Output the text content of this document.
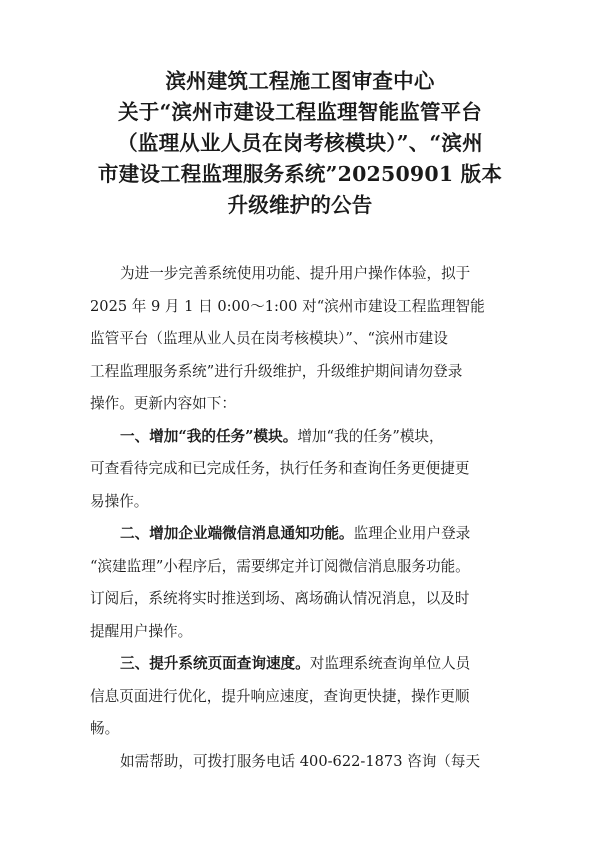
滨州建筑工程施工图审查中心
关于“滨州市建设工程监理智能监管平台
（监理从业人员在岗考核模块）”、“滨州
市建设工程监理服务系统”20250901 版本
升级维护的公告
为进一步完善系统使用功能、提升用户操作体验，拟于
2025 年 9 月 1 日 0:00～1:00 对“滨州市建设工程监理智能
监管平台（监理从业人员在岗考核模块）”、“滨州市建设
工程监理服务系统”进行升级维护，升级维护期间请勿登录
操作。更新内容如下：
一、增加“我的任务”模块。增加“我的任务”模块，
可查看待完成和已完成任务，执行任务和查询任务更便捷更
易操作。
二、增加企业端微信消息通知功能。监理企业用户登录
“滨建监理”小程序后，需要绑定并订阅微信消息服务功能。
订阅后，系统将实时推送到场、离场确认情况消息，以及时
提醒用户操作。
三、提升系统页面查询速度。对监理系统查询单位人员
信息页面进行优化，提升响应速度，查询更快捷，操作更顺
畅。
如需帮助，可拨打服务电话 400-622-1873 咨询（每天
